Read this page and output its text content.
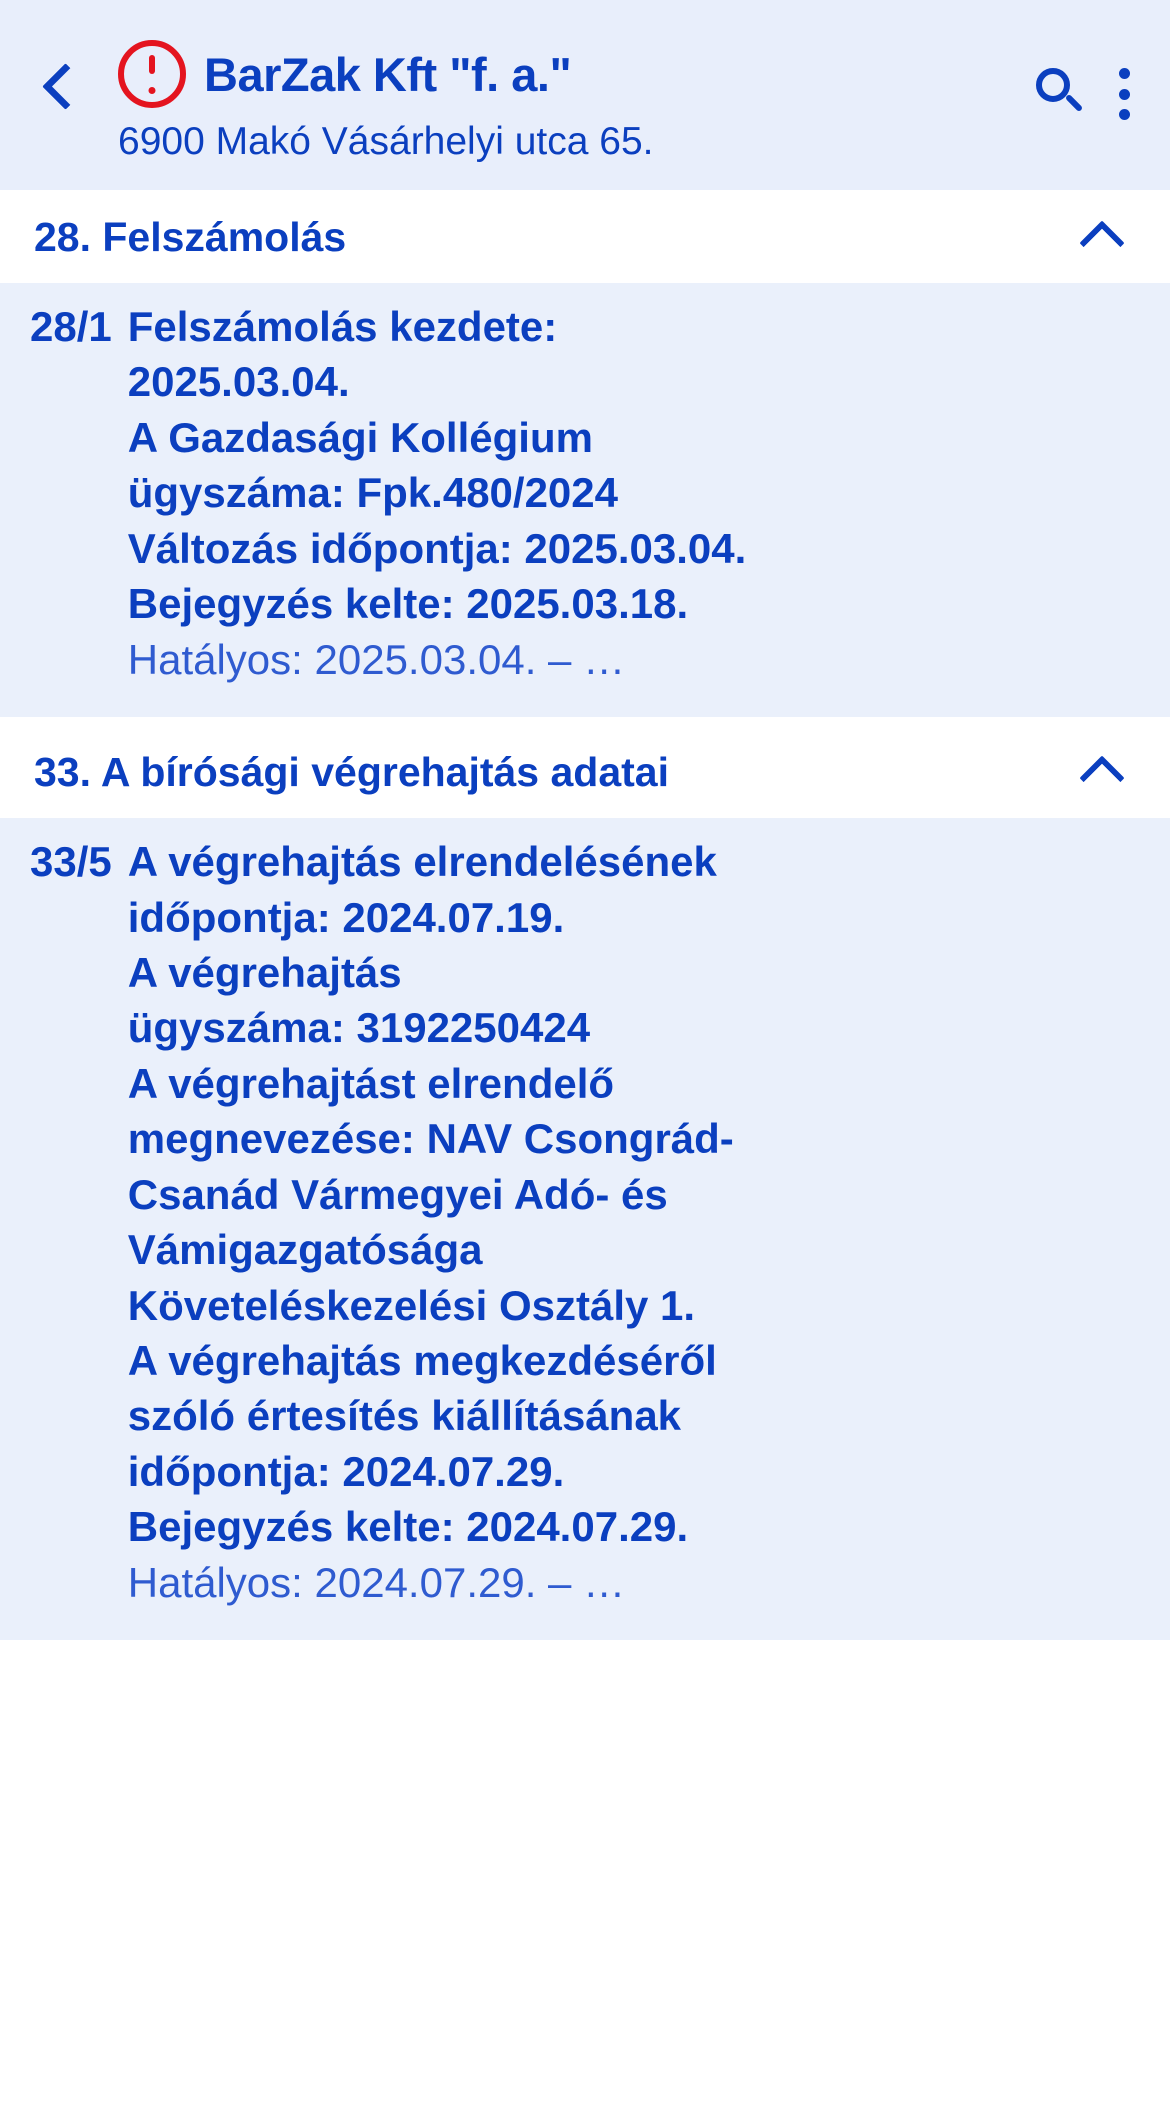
BarZak Kft "f. a."
6900 Makó Vásárhelyi utca 65.
28. Felszámolás
28/1 Felszámolás kezdete:
2025.03.04.
A Gazdasági Kollégium
ügyszáma: Fpk.480/2024
Változás időpontja: 2025.03.04.
Bejegyzés kelte: 2025.03.18.
Hatályos: 2025.03.04. – …
33. A bírósági végrehajtás adatai
33/5 A végrehajtás elrendelésének
időpontja: 2024.07.19.
A végrehajtás
ügyszáma: 3192250424
A végrehajtást elrendelő
megnevezése: NAV Csongrád-
Csanád Vármegyei Adó- és
Vámigazgatósága
Követeléskezelési Osztály 1.
A végrehajtás megkezdéséről
szóló értesítés kiállításának
időpontja: 2024.07.29.
Bejegyzés kelte: 2024.07.29.
Hatályos: 2024.07.29. – …
